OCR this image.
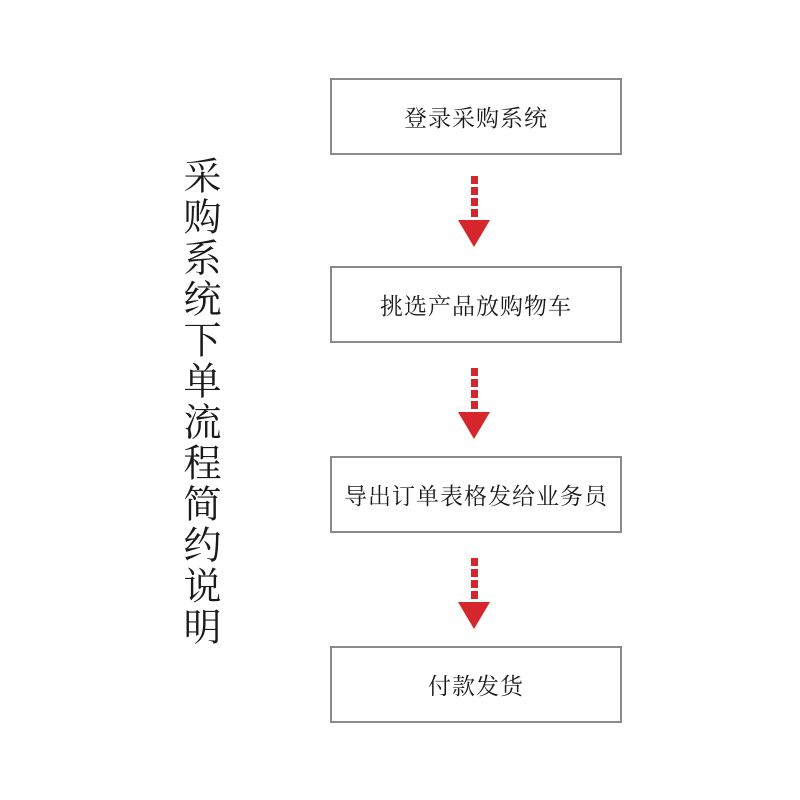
采购系统下单流程简约说明
登录采购系统
挑选产品放购物车
导出订单表格发给业务员
付款发货
